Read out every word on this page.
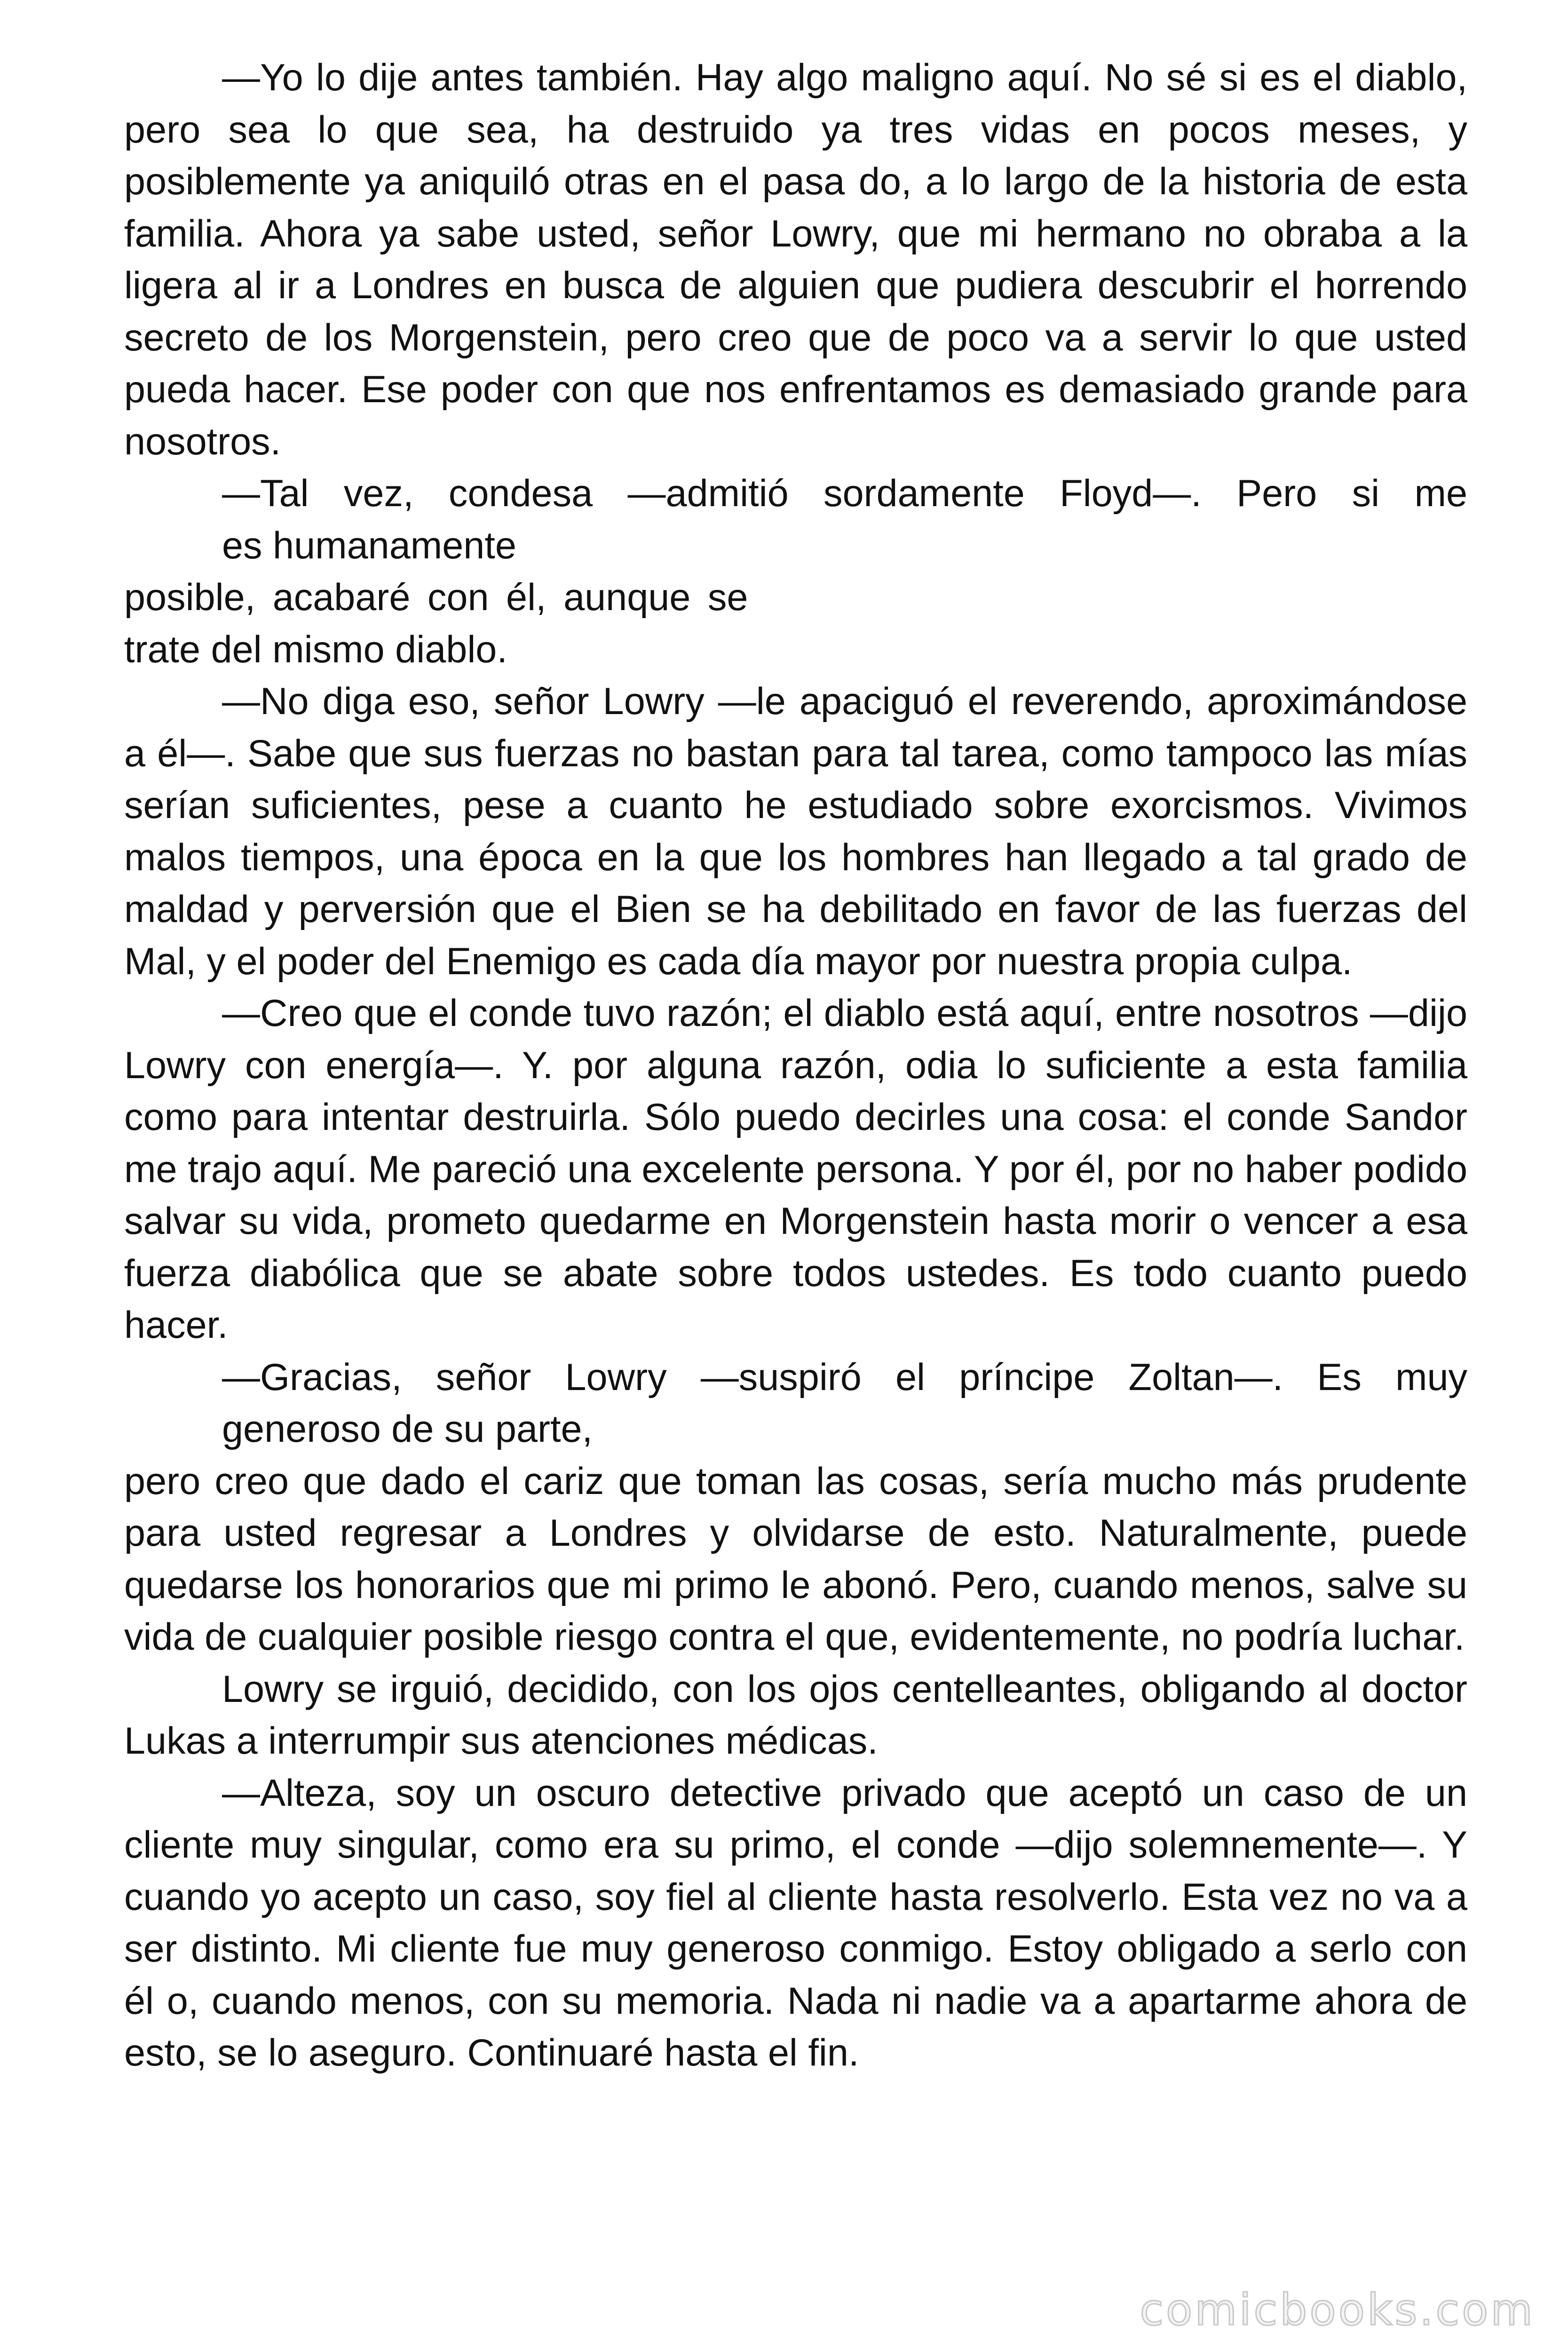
—Yo lo dije antes también. Hay algo maligno aquí. No sé si es el diablo, pero sea lo que sea, ha destruido ya tres vidas en pocos meses, y posiblemente ya aniquiló otras en el pasa do, a lo largo de la historia de esta familia. Ahora ya sabe usted, señor Lowry, que mi hermano no obraba a la ligera al ir a Londres en busca de alguien que pudiera descubrir el horrendo secreto de los Morgenstein, pero creo que de poco va a servir lo que usted pueda hacer. Ese poder con que nos enfrentamos es demasiado grande para nosotros.

—Tal vez, condesa —admitió sordamente Floyd—. Pero si me
es humanamente
posible, acabaré con él, aunque se
trate del mismo diablo.

—No diga eso, señor Lowry —le apaciguó el reverendo, aproximándose a él—. Sabe que sus fuerzas no bastan para tal tarea, como tampoco las mías serían suficientes, pese a cuanto he estudiado sobre exorcismos. Vivimos malos tiempos, una época en la que los hombres han llegado a tal grado de maldad y perversión que el Bien se ha debilitado en favor de las fuerzas del Mal, y el poder del Enemigo es cada día mayor por nuestra propia culpa.

—Creo que el conde tuvo razón; el diablo está aquí, entre nosotros —dijo Lowry con energía—. Y. por alguna razón, odia lo suficiente a esta familia como para intentar destruirla. Sólo puedo decirles una cosa: el conde Sandor me trajo aquí. Me pareció una excelente persona. Y por él, por no haber podido salvar su vida, prometo quedarme en Morgenstein hasta morir o vencer a esa fuerza diabólica que se abate sobre todos ustedes. Es todo cuanto puedo hacer.

—Gracias, señor Lowry —suspiró el príncipe Zoltan—. Es muy
generoso de su parte,
pero creo que dado el cariz que toman las cosas, sería mucho más prudente para usted regresar a Londres y olvidarse de esto. Naturalmente, puede quedarse los honorarios que mi primo le abonó. Pero, cuando menos, salve su vida de cualquier posible riesgo contra el que, evidentemente, no podría luchar.

Lowry se irguió, decidido, con los ojos centelleantes, obligando al doctor Lukas a interrumpir sus atenciones médicas.

—Alteza, soy un oscuro detective privado que aceptó un caso de un cliente muy singular, como era su primo, el conde —dijo solemnemente—. Y cuando yo acepto un caso, soy fiel al cliente hasta resolverlo. Esta vez no va a ser distinto. Mi cliente fue muy generoso conmigo. Estoy obligado a serlo con él o, cuando menos, con su memoria. Nada ni nadie va a apartarme ahora de esto, se lo aseguro. Continuaré hasta el fin.

comicbooks.com
